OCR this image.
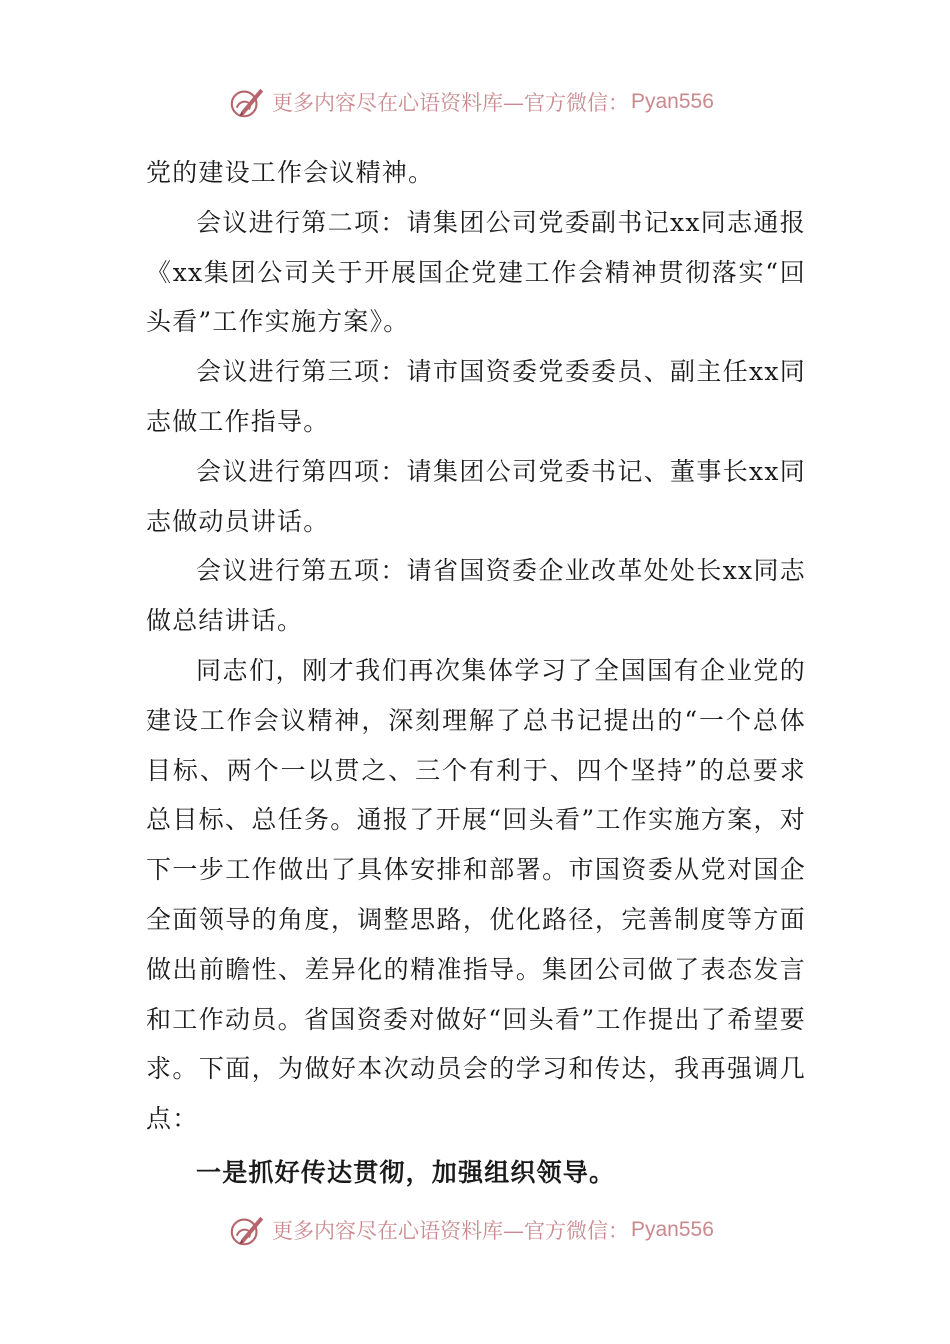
更多内容尽在心语资料库—官方微信： Pyan556

党的建设工作会议精神。

会议进行第二项：请集团公司党委副书记xx同志通报《xx集团公司关于开展国企党建工作会精神贯彻落实“回头看”工作实施方案》。

会议进行第三项：请市国资委党委委员、副主任xx同志做工作指导。

会议进行第四项：请集团公司党委书记、董事长xx同志做动员讲话。

会议进行第五项：请省国资委企业改革处处长xx同志做总结讲话。

同志们，刚才我们再次集体学习了全国国有企业党的建设工作会议精神，深刻理解了总书记提出的“一个总体目标、两个一以贯之、三个有利于、四个坚持”的总要求总目标、总任务。通报了开展“回头看”工作实施方案，对下一步工作做出了具体安排和部署。市国资委从党对国企全面领导的角度，调整思路，优化路径，完善制度等方面做出前瞻性、差异化的精准指导。集团公司做了表态发言和工作动员。省国资委对做好“回头看”工作提出了希望要求。下面，为做好本次动员会的学习和传达，我再强调几点：

一是抓好传达贯彻，加强组织领导。

更多内容尽在心语资料库—官方微信： Pyan556
